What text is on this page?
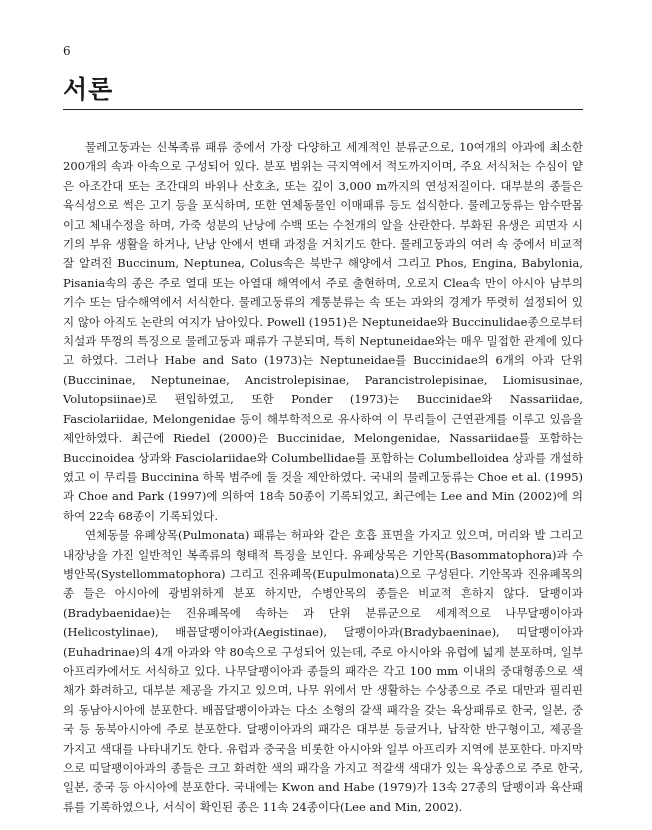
6
서론

물레고둥과는 신복족류 패류 중에서 가장 다양하고 세계적인 분류군으로, 10여개의 아과에 최소한 200개의 속과 아속으로 구성되어 있다. 분포 범위는 극지역에서 적도까지이며, 주요 서식처는 수심이 얕은 아조간대 또는 조간대의 바위나 산호초, 또는 깊이 3,000 m까지의 연성저질이다. 대부분의 종들은 육식성으로 썩은 고기 등을 포식하며, 또한 연체동물인 이매패류 등도 섭식한다. 물레고둥류는 암수딴몸이고 체내수정을 하며, 가죽 성분의 난낭에 수백 또는 수천개의 알을 산란한다. 부화된 유생은 피면자 시기의 부유 생활을 하거나, 난낭 안에서 변태 과정을 거치기도 한다. 물레고둥과의 여러 속 중에서 비교적 잘 알려진 Buccinum, Neptunea, Colus속은 북반구 해양에서 그리고 Phos, Engina, Babylonia, Pisania속의 종은 주로 열대 또는 아열대 해역에서 주로 출현하며, 오로지 Clea속 만이 아시아 남부의 기수 또는 담수해역에서 서식한다. 물레고둥류의 계통분류는 속 또는 과와의 경계가 뚜렷히 설정되어 있지 않아 아직도 논란의 여지가 남아있다. Powell (1951)은 Neptuneidae와 Buccinulidae종으로부터 치설과 뚜껑의 특징으로 물레고둥과 패류가 구분되며, 특히 Neptuneidae와는 매우 밀접한 관계에 있다고 하였다. 그러나 Habe and Sato (1973)는 Neptuneidae를 Buccinidae의 6개의 아과 단위(Buccininae, Neptuneinae, Ancistrolepisinae, Parancistrolepisinae, Liomisusinae, Volutopsiinae)로 편입하였고, 또한 Ponder (1973)는 Buccinidae와 Nassariidae, Fasciolariidae, Melongenidae 등이 해부학적으로 유사하여 이 무리들이 근연관계를 이루고 있음을 제안하였다. 최근에 Riedel (2000)은 Buccinidae, Melongenidae, Nassariidae를 포함하는 Buccinoidea 상과와 Fasciolariidae와 Columbellidae를 포함하는 Columbelloidea 상과를 개설하였고 이 무리를 Buccinina 하목 범주에 둘 것을 제안하였다. 국내의 물레고둥류는 Choe et al. (1995)과 Choe and Park (1997)에 의하여 18속 50종이 기록되었고, 최근에는 Lee and Min (2002)에 의하여 22속 68종이 기록되었다.

연체동물 유폐상목(Pulmonata) 패류는 허파와 같은 호흡 표면을 가지고 있으며, 머리와 발 그리고 내장낭을 가진 일반적인 복족류의 형태적 특징을 보인다. 유폐상목은 기안목(Basommatophora)과 수병안목(Systellommatophora) 그리고 진유폐목(Eupulmonata)으로 구성된다. 기안목과 진유폐목의 종 들은 아시아에 광범위하게 분포 하지만, 수병안목의 종들은 비교적 흔하지 않다. 달팽이과(Bradybaenidae)는 진유폐목에 속하는 과 단위 분류군으로 세계적으로 나무달팽이아과(Helicostylinae), 배꼽달팽이아과(Aegistinae), 달팽이아과(Bradybaeninae), 띠달팽이아과(Euhadrinae)의 4개 아과와 약 80속으로 구성되어 있는데, 주로 아시아와 유럽에 넓게 분포하며, 일부 아프리카에서도 서식하고 있다. 나무달팽이아과 종들의 패각은 각고 100 mm 이내의 중대형종으로 색채가 화려하고, 대부분 제공을 가지고 있으며, 나무 위에서 만 생활하는 수상종으로 주로 대만과 필리핀의 동남아시아에 분포한다. 배꼽달팽이아과는 다소 소형의 갈색 패각을 갖는 육상패류로 한국, 일본, 중국 등 동북아시아에 주로 분포한다. 달팽이아과의 패각은 대부분 등글거나, 납작한 반구형이고, 제공을 가지고 색대를 나타내기도 한다. 유럽과 중국을 비롯한 아시아와 일부 아프리카 지역에 분포한다. 마지막으로 띠달팽이아과의 종들은 크고 화려한 색의 패각을 가지고 적갈색 색대가 있는 육상종으로 주로 한국, 일본, 중국 등 아시아에 분포한다. 국내에는 Kwon and Habe (1979)가 13속 27종의 달팽이과 육산패류를 기록하였으나, 서식이 확인된 종은 11속 24종이다(Lee and Min, 2002).
